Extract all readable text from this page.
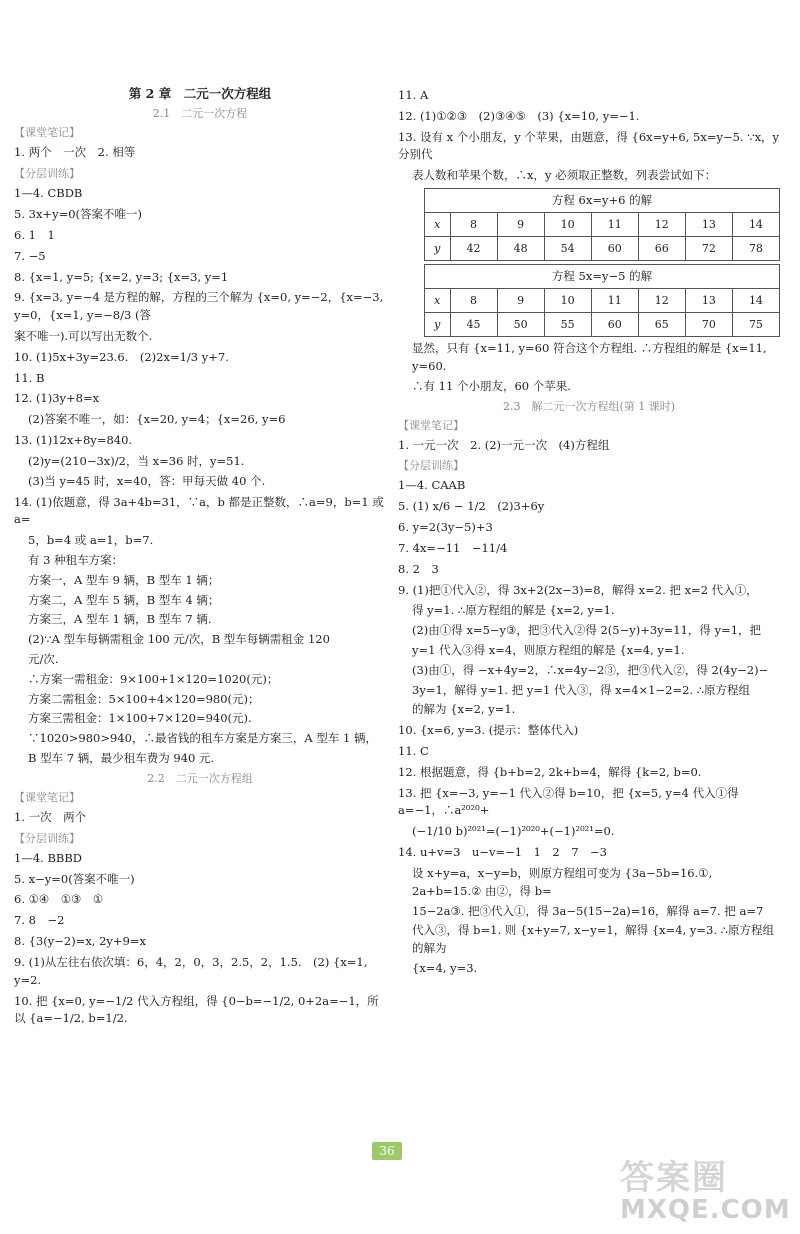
第 2 章　二元一次方程组
2.1　二元一次方程
【课堂笔记】
1. 两个　一次　2. 相等
【分层训练】
1—4. CBDB
5. 3x+y=0(答案不唯一)
6. 1　1
7. −5
8. {x=1, y=5; {x=2, y=3; {x=3, y=1
9. {x=3, y=−4 是方程的解，方程的三个解为 {x=0, y=−2，{x=−3, y=0，{x=1, y=−8/3 (答
案不唯一).可以写出无数个.
10. (1)5x+3y=23.6.　(2)2x=1/3 y+7.
11. B
12. (1)3y+8=x
(2)答案不唯一，如：{x=20, y=4；{x=26, y=6
13. (1)12x+8y=840.
(2)y=(210−3x)/2，当 x=36 时，y=51.
(3)当 y=45 时，x=40，答：甲每天做 40 个.
14. (1)依题意，得 3a+4b=31，∵a，b 都是正整数，∴a=9，b=1 或 a=
5，b=4 或 a=1，b=7.
有 3 种租车方案：
方案一，A 型车 9 辆，B 型车 1 辆；
方案二，A 型车 5 辆，B 型车 4 辆；
方案三，A 型车 1 辆，B 型车 7 辆.
(2)∵A 型车每辆需租金 100 元/次，B 型车每辆需租金 120
元/次.
∴方案一需租金：9×100+1×120=1020(元)；
方案二需租金：5×100+4×120=980(元)；
方案三需租金：1×100+7×120=940(元).
∵1020>980>940，∴最省钱的租车方案是方案三，A 型车 1 辆，
B 型车 7 辆，最少租车费为 940 元.
2.2　二元一次方程组
【课堂笔记】
1. 一次　两个
【分层训练】
1—4. BBBD
5. x−y=0(答案不唯一)
6. ①④　①③　①
7. 8　−2
8. {3(y−2)=x, 2y+9=x
9. (1)从左往右依次填：6，4，2，0，3，2.5，2，1.5.　(2) {x=1, y=2.
10. 把 {x=0, y=−1/2 代入方程组，得 {0−b=−1/2, 0+2a=−1，所以 {a=−1/2, b=1/2.
11. A
12. (1)①②③　(2)③④⑤　(3) {x=10, y=−1.
13. 设有 x 个小朋友，y 个苹果，由题意，得 {6x=y+6, 5x=y−5. ∵x，y 分别代
表人数和苹果个数，∴x，y 必须取正整数，列表尝试如下：
方程 6x=y+6 的解							
x	8	9	10	11	12	13	14
y	42	48	54	60	66	72	78
方程 5x=y−5 的解							
x	8	9	10	11	12	13	14
y	45	50	55	60	65	70	75
显然，只有 {x=11, y=60 符合这个方程组. ∴方程组的解是 {x=11, y=60.
∴有 11 个小朋友，60 个苹果.
2.3　解二元一次方程组(第 1 课时)
【课堂笔记】
1. 一元一次　2. (2)一元一次　(4)方程组
【分层训练】
1—4. CAAB
5. (1) x/6 − 1/2　(2)3+6y
6. y=2(3y−5)+3
7. 4x=−11　−11/4
8. 2　3
9. (1)把①代入②，得 3x+2(2x−3)=8，解得 x=2. 把 x=2 代入①，
得 y=1. ∴原方程组的解是 {x=2, y=1.
(2)由①得 x=5−y③，把③代入②得 2(5−y)+3y=11，得 y=1，把
y=1 代入③得 x=4，则原方程组的解是 {x=4, y=1.
(3)由①，得 −x+4y=2，∴x=4y−2③，把③代入②，得 2(4y−2)−
3y=1，解得 y=1. 把 y=1 代入③，得 x=4×1−2=2. ∴原方程组
的解为 {x=2, y=1.
10. {x=6, y=3. (提示：整体代入)
11. C
12. 根据题意，得 {b+b=2, 2k+b=4，解得 {k=2, b=0.
13. 把 {x=−3, y=−1 代入②得 b=10，把 {x=5, y=4 代入①得 a=−1，∴a²⁰²⁰+
(−1/10 b)²⁰²¹=(−1)²⁰²⁰+(−1)²⁰²¹=0.
14. u+v=3　u−v=−1　1　2　7　−3
设 x+y=a，x−y=b，则原方程组可变为 {3a−5b=16.①, 2a+b=15.② 由②，得 b=
15−2a③. 把③代入①，得 3a−5(15−2a)=16，解得 a=7. 把 a=7
代入③，得 b=1. 则 {x+y=7, x−y=1，解得 {x=4, y=3. ∴原方程组的解为
{x=4, y=3.
36
答案圈
MXQE.COM
